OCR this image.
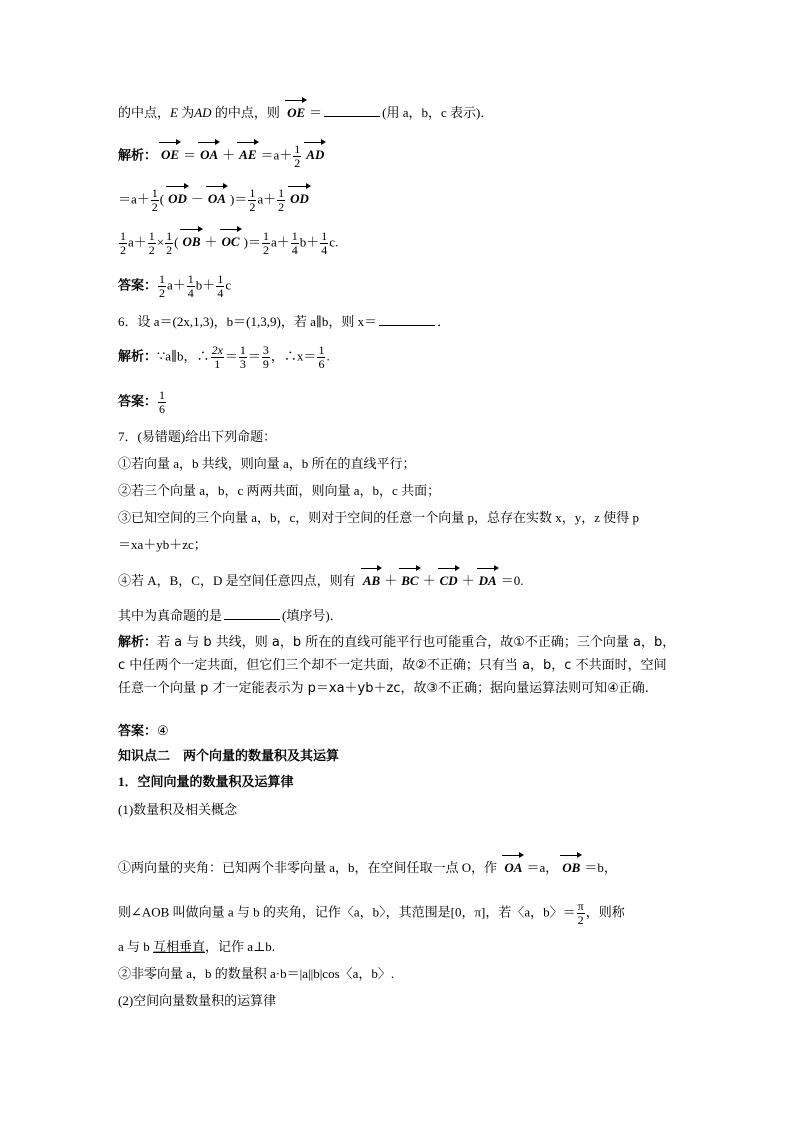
的中点，E 为AD 的中点，则 OE ＝	(用 a，b，c 表示)．
解析： OE ＝ OA ＋ AE $=a+ \frac{1}{2}$ AD
$=a+ \frac{1}{2}$ ( OD － OA )＝ $\frac{1}{2} a+ \frac{1}{2}$ OD
$\frac{1}{2} a+ \frac{1}{2} \times \frac{1}{2}$ ( OB ＋ OC )＝ $\frac{1}{2} a+ \frac{1}{4} b+ \frac{1}{4} c$.
答案： $\frac{1}{2} a+ \frac{1}{4} b+ \frac{1}{4}$ c
6．设 a＝(2x,1,3)，b＝(1,3,9)，若 a∥b，则 x＝	．
解析：∵a∥b，∴ $\frac{2x}{1} = \frac{1}{3} = \frac{3}{9}$ ，∴x＝ $\frac{1}{6}$ .
答案： $\frac{1}{6}$
7．(易错题)给出下列命题：
①若向量 a，b 共线，则向量 a，b 所在的直线平行；
②若三个向量 a，b，c 两两共面，则向量 a，b，c 共面；
③已知空间的三个向量 a，b，c，则对于空间的任意一个向量 p，总存在实数 x，y，z 使得 p
＝xa＋yb＋zc；
④若 A，B，C，D 是空间任意四点，则有 AB ＋ BC ＋ CD ＋ DA ＝0.
其中为真命题的是	(填序号)．
解析：若 a 与 b 共线，则 a，b 所在的直线可能平行也可能重合，故①不正确；三个向量 a，b，c 中任两个一定共面，但它们三个却不一定共面，故②不正确；只有当 a，b，c 不共面时，空间任意一个向量 p 才一定能表示为 p＝xa＋yb＋zc，故③不正确；据向量运算法则可知④正确.
答案：④
知识点二　两个向量的数量积及其运算
1．空间向量的数量积及运算律
(1)数量积及相关概念
①两向量的夹角：已知两个非零向量 a，b，在空间任取一点 O，作 OA ＝a， OB ＝b，
则∠AOB 叫做向量 a 与 b 的夹角，记作〈a，b〉，其范围是[0，π]，若〈a，b〉＝ $\frac{\pi}{2}$ ，则称
a 与 b 互相垂直，记作 a⊥b.
②非零向量 a，b 的数量积 a·b＝|a||b|cos〈a，b〉.
(2)空间向量数量积的运算律
